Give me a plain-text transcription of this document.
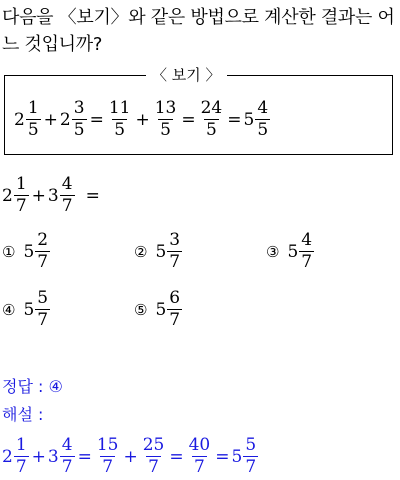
다음을 〈보기〉와 같은 방법으로 계산한 결과는 어느 것입니까?
〈 보기 〉
$2 \frac{1}{5} + 2 \frac{3}{5} = \frac{11}{5} + \frac{13}{5} = \frac{24}{5} = 5 \frac{4}{5}$
$2 \frac{1}{7} + 3 \frac{4}{7}$ =
① $5 \frac{2}{7}$	② $5 \frac{3}{7}$	③ $5 \frac{4}{7}$
④ $5 \frac{5}{7}$	⑤ $5 \frac{6}{7}$
정답 : ④
해설 :
$2 \frac{1}{7} + 3 \frac{4}{7} = \frac{15}{7} + \frac{25}{7} = \frac{40}{7} = 5 \frac{5}{7}$
